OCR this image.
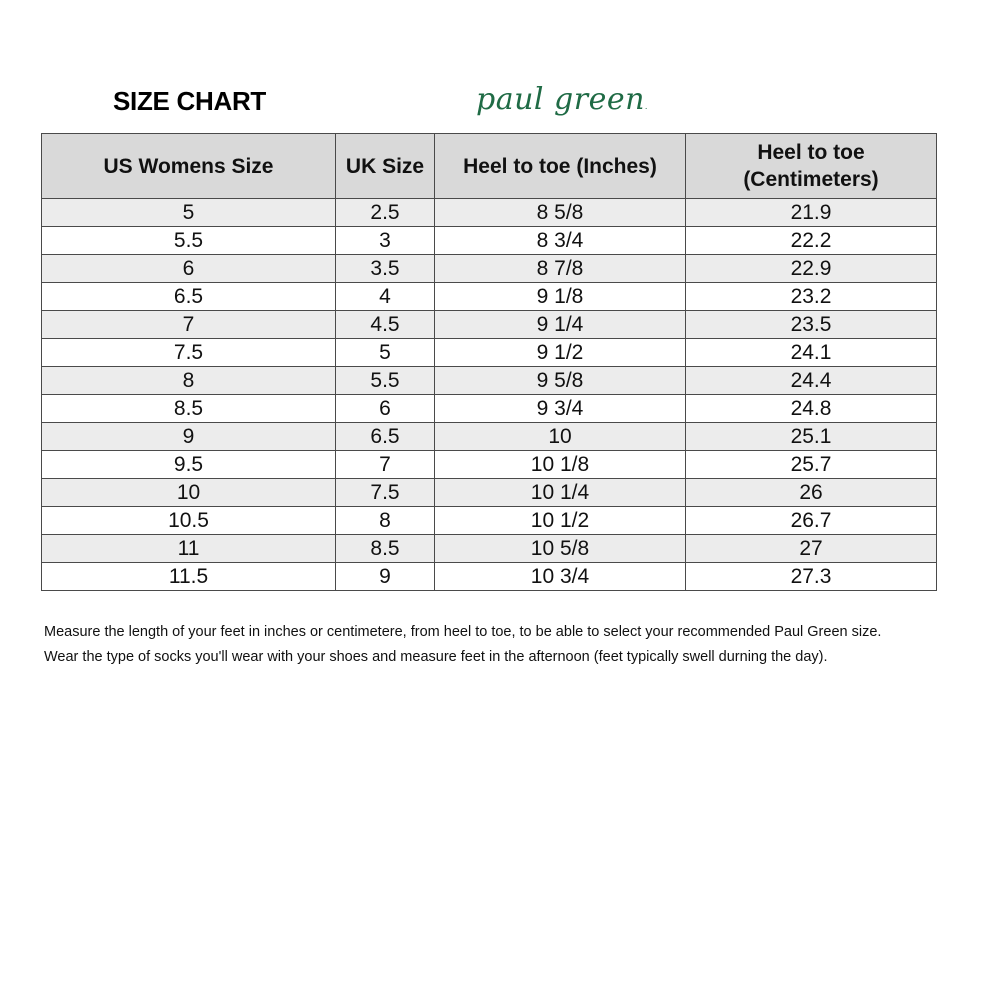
SIZE CHART	paul green.
US Womens Size	UK Size	Heel to toe (Inches)	Heel to toe (Centimeters)
5	2.5	8 5/8	21.9
5.5	3	8 3/4	22.2
6	3.5	8 7/8	22.9
6.5	4	9 1/8	23.2
7	4.5	9 1/4	23.5
7.5	5	9 1/2	24.1
8	5.5	9 5/8	24.4
8.5	6	9 3/4	24.8
9	6.5	10	25.1
9.5	7	10 1/8	25.7
10	7.5	10 1/4	26
10.5	8	10 1/2	26.7
11	8.5	10 5/8	27
11.5	9	10 3/4	27.3

Measure the length of your feet in inches or centimetere, from heel to toe, to be able to select your recommended Paul Green size.

Wear the type of socks you'll wear with your shoes and measure feet in the afternoon (feet typically swell durning the day).
